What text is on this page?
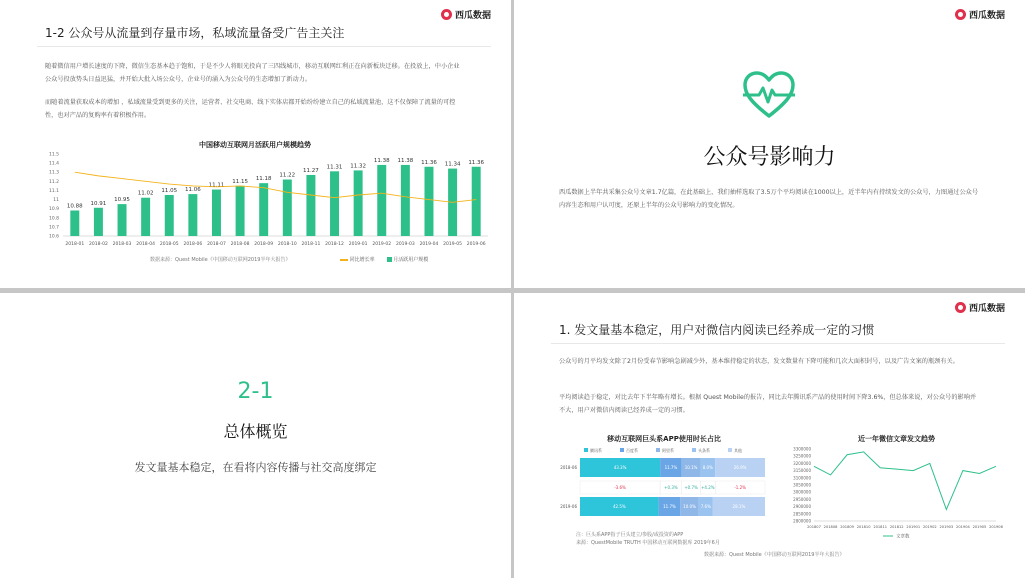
西瓜数据
1-2 公众号从流量到存量市场，私域流量备受广告主关注
随着微信用户增长速度的下降，微信生态基本趋于饱和，于是不少人将眼光投向了三四线城市，移动互联网红利正在向新板块迁移。在投放上，中小企业公众号投放势头日益迅猛，并开始大批入场公众号，企业号的涌入为公众号的生态增加了新动力。
而随着流量获取成本的增加 ，私域流量受到更多的关注，运营者、社交电商、线下实体店都开始纷纷建立自己的私域流量池，这不仅保障了流量的可控性，也对产品的复购率有着积极作用。
中国移动互联网月活跃用户规模趋势
11.5
11.4
11.3
11.2
11.1
11
10.9
10.8
10.7
10.6
10.88
2018-01
10.91
2018-02
10.95
2018-03
11.02
2018-04
11.05
2018-05
11.06
2018-06
11.11
2018-07
11.15
2018-08
11.18
2018-09
11.22
2018-10
11.27
2018-11
11.31
2018-12
11.32
2019-01
11.38
2019-02
11.38
2019-03
11.36
2019-04
11.34
2019-05
11.36
2019-06
数据来源：Quest Mobile《中国移动互联网2019半年大报告》	同比增长率	月活跃用户规模
西瓜数据
公众号影响力
西瓜数据上半年共采集公众号文章1.7亿篇，在此基础上，我们抽样选取了3.5万个平均阅读在1000以上，近半年内有持续发文的公众号，力图通过公众号内容生态和用户认可度，还原上半年的公众号影响力的变化情况。
2-1
总体概览
发文量基本稳定，在看将内容传播与社交高度绑定
西瓜数据
1. 发文量基本稳定，用户对微信内阅读已经养成一定的习惯
公众号的月平均发文除了2月份受春节影响急剧减少外，基本维持稳定的状态，发文数量有下降可能和几次大面积封号，以及广告文案的瓶颈有关。
平均阅读趋于稳定，对比去年下半年略有增长。根据 Quest Mobile的报告，同比去年腾讯系产品的使用时间下降3.6%，但总体来说，对公众号的影响并不大，用户对微信内阅读已经养成一定的习惯。
移动互联网巨头系APP使用时长占比
腾讯系	百度系	阿里系	头条系	其他
2018-06	43.3%	11.7% 10.1% 8.0%	26.9%
-3.6%	+0.3% +0.7% +4.2%	-1.2%
2019-06	42.5%	11.7% 10.0% 7.6%	28.1%
注：巨头系APP指子巨头建立/参股/或投资的APP
来源：QuestMobile TRUTH 中国移动互联网数据库 2019年6月
近一年微信文章发文趋势
3300000
3250000
3200000
3150000
3100000
3050000
3000000
2950000
2900000
2850000
2800000
201807 201808 201809 201810 201811 201812 201901 201902 201903 201904 201905 201906
文章数
数据来源：Quest Mobile《中国移动互联网2019半年大报告》
